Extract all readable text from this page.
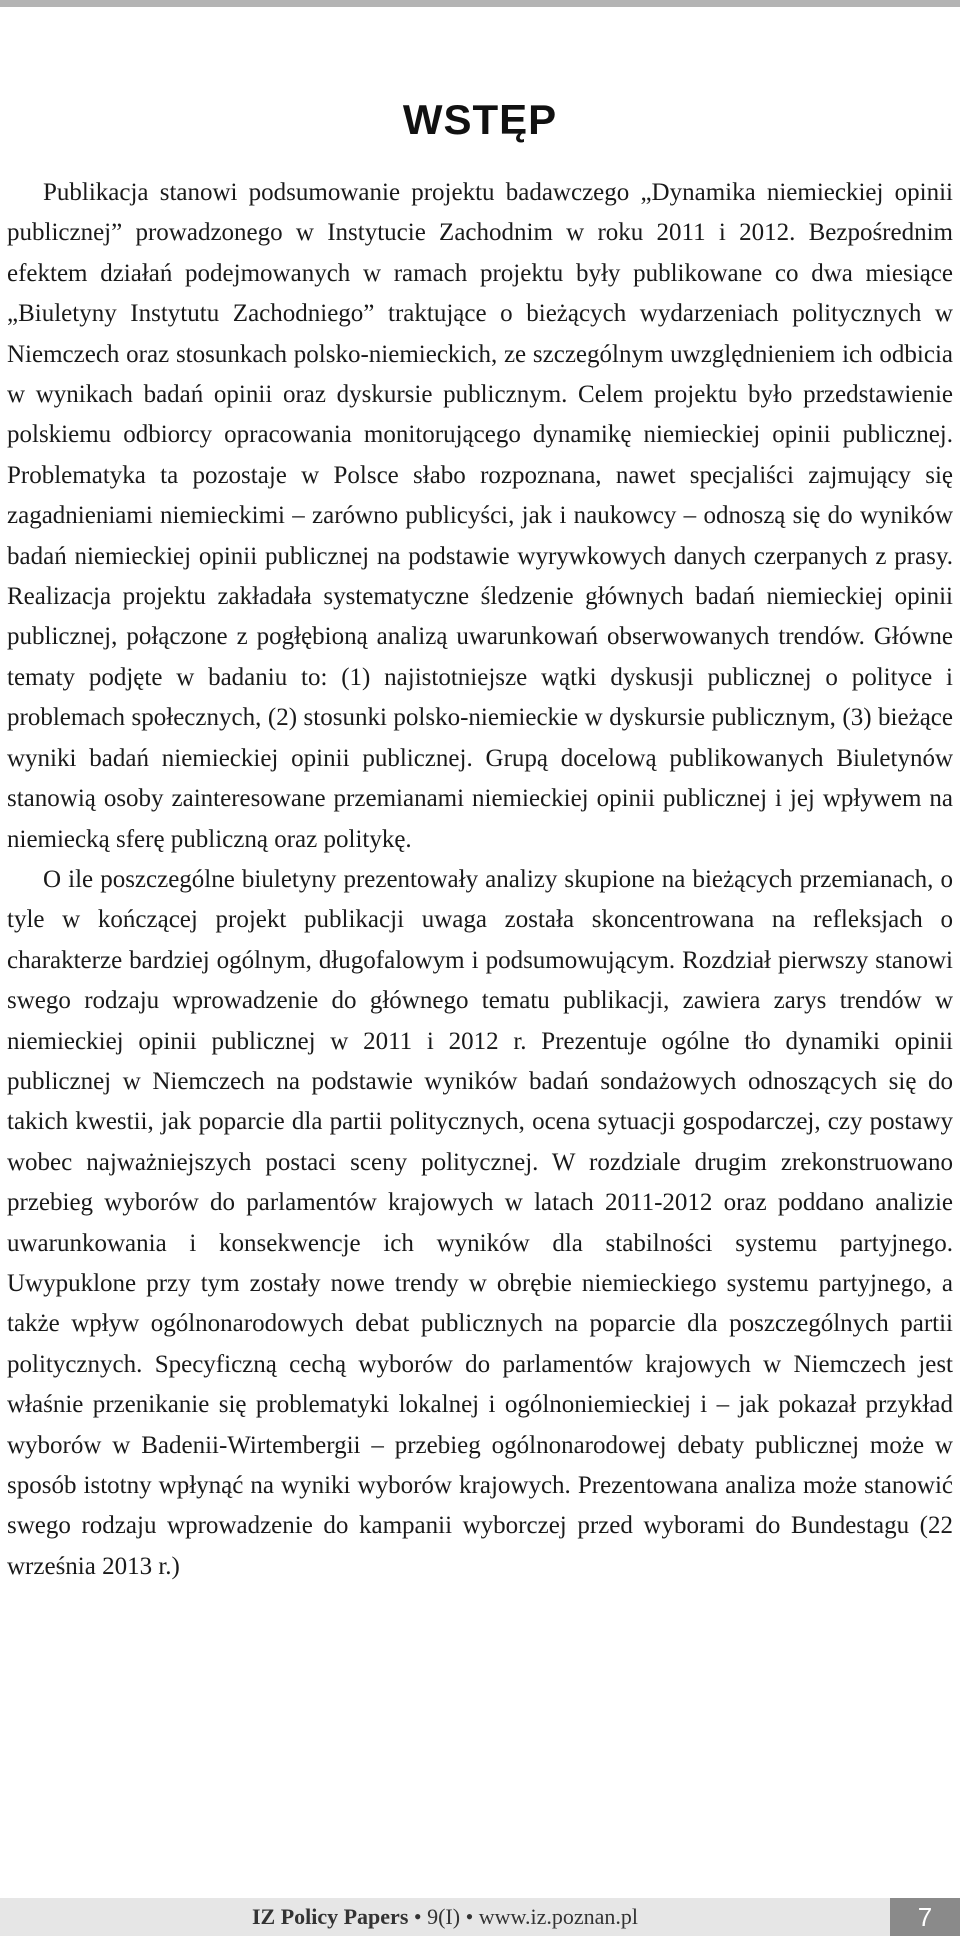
WSTĘP

Publikacja stanowi podsumowanie projektu badawczego „Dynamika niemieckiej opinii publicznej” prowadzonego w Instytucie Zachodnim w roku 2011 i 2012. Bezpośrednim efektem działań podejmowanych w ramach projektu były publikowane co dwa miesiące „Biuletyny Instytutu Zachodniego” traktujące o bieżących wydarzeniach politycznych w Niemczech oraz stosunkach polsko-niemieckich, ze szczególnym uwzględnieniem ich odbicia w wynikach badań opinii oraz dyskursie publicznym. Celem projektu było przedstawienie polskiemu odbiorcy opracowania monitorującego dynamikę niemieckiej opinii publicznej. Problematyka ta pozostaje w Polsce słabo rozpoznana, nawet specjaliści zajmujący się zagadnieniami niemieckimi – zarówno publicyści, jak i naukowcy – odnoszą się do wyników badań niemieckiej opinii publicznej na podstawie wyrywkowych danych czerpanych z prasy. Realizacja projektu zakładała systematyczne śledzenie głównych badań niemieckiej opinii publicznej, połączone z pogłębioną analizą uwarunkowań obserwowanych trendów. Główne tematy podjęte w badaniu to: (1) najistotniejsze wątki dyskusji publicznej o polityce i problemach społecznych, (2) stosunki polsko-niemieckie w dyskursie publicznym, (3) bieżące wyniki badań niemieckiej opinii publicznej. Grupą docelową publikowanych Biuletynów stanowią osoby zainteresowane przemianami niemieckiej opinii publicznej i jej wpływem na niemiecką sferę publiczną oraz politykę.

O ile poszczególne biuletyny prezentowały analizy skupione na bieżących przemianach, o tyle w kończącej projekt publikacji uwaga została skoncentrowana na refleksjach o charakterze bardziej ogólnym, długofalowym i podsumowującym. Rozdział pierwszy stanowi swego rodzaju wprowadzenie do głównego tematu publikacji, zawiera zarys trendów w niemieckiej opinii publicznej w 2011 i 2012 r. Prezentuje ogólne tło dynamiki opinii publicznej w Niemczech na podstawie wyników badań sondażowych odnoszących się do takich kwestii, jak poparcie dla partii politycznych, ocena sytuacji gospodarczej, czy postawy wobec najważniejszych postaci sceny politycznej. W rozdziale drugim zrekonstruowano przebieg wyborów do parlamentów krajowych w latach 2011-2012 oraz poddano analizie uwarunkowania i konsekwencje ich wyników dla stabilności systemu partyjnego. Uwypuklone przy tym zostały nowe trendy w obrębie niemieckiego systemu partyjnego, a także wpływ ogólnonarodowych debat publicznych na poparcie dla poszczególnych partii politycznych. Specyficzną cechą wyborów do parlamentów krajowych w Niemczech jest właśnie przenikanie się problematyki lokalnej i ogólnoniemieckiej i – jak pokazał przykład wyborów w Badenii-Wirtembergii – przebieg ogólnonarodowej debaty publicznej może w sposób istotny wpłynąć na wyniki wyborów krajowych. Prezentowana analiza może stanowić swego rodzaju wprowadzenie do kampanii wyborczej przed wyborami do Bundestagu (22 września 2013 r.)

IZ Policy Papers • 9(I) • www.iz.poznan.pl	7
